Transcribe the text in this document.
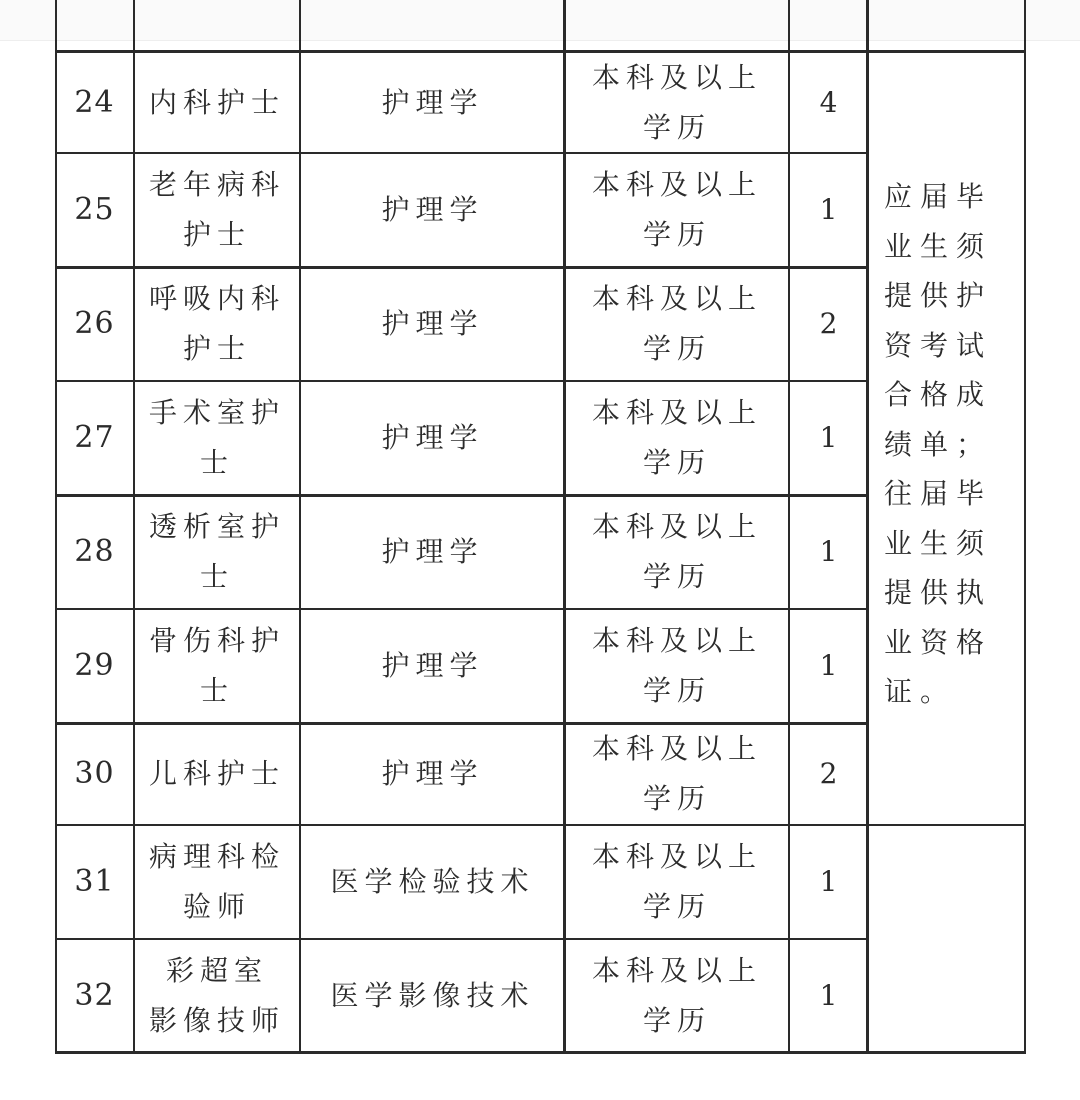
24 内科护士	护理学
本科及以上
学历
4
25
老年病科
护士
护理学
本科及以上
学历
1
26
呼吸内科
护士
护理学
本科及以上
学历
2
27
手术室护
士
护理学
本科及以上
学历
1
28
透析室护
士
护理学
本科及以上
学历
1
29
骨伤科护
士
护理学
本科及以上
学历
1
30 儿科护士	护理学
本科及以上
学历
2
31
病理科检
验师
医学检验技术
本科及以上
学历
1
32
彩超室
影像技师
医学影像技术
本科及以上
学历
1
应届毕业生须提供护资考试合格成绩单；往届毕业生须提供执业资格证。
